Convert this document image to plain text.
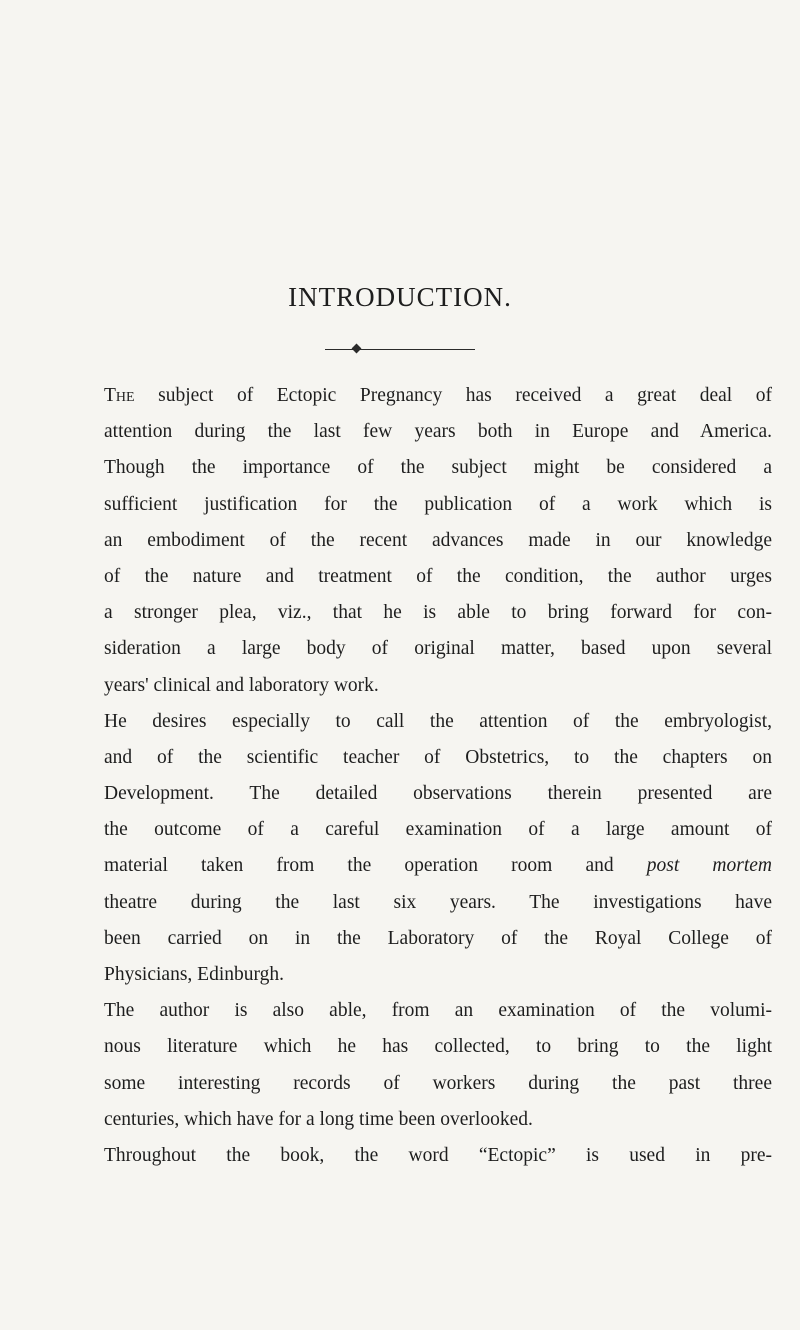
INTRODUCTION.
The subject of Ectopic Pregnancy has received a great deal of
attention during the last few years both in Europe and America.
Though the importance of the subject might be considered a
sufficient justification for the publication of a work which is
an embodiment of the recent advances made in our knowledge
of the nature and treatment of the condition, the author urges
a stronger plea, viz., that he is able to bring forward for con-
sideration a large body of original matter, based upon several
years' clinical and laboratory work.
He desires especially to call the attention of the embryologist,
and of the scientific teacher of Obstetrics, to the chapters on
Development. The detailed observations therein presented are
the outcome of a careful examination of a large amount of
material taken from the operation room and post mortem
theatre during the last six years. The investigations have
been carried on in the Laboratory of the Royal College of
Physicians, Edinburgh.
The author is also able, from an examination of the volumi-
nous literature which he has collected, to bring to the light
some interesting records of workers during the past three
centuries, which have for a long time been overlooked.
Throughout the book, the word “Ectopic” is used in pre-
